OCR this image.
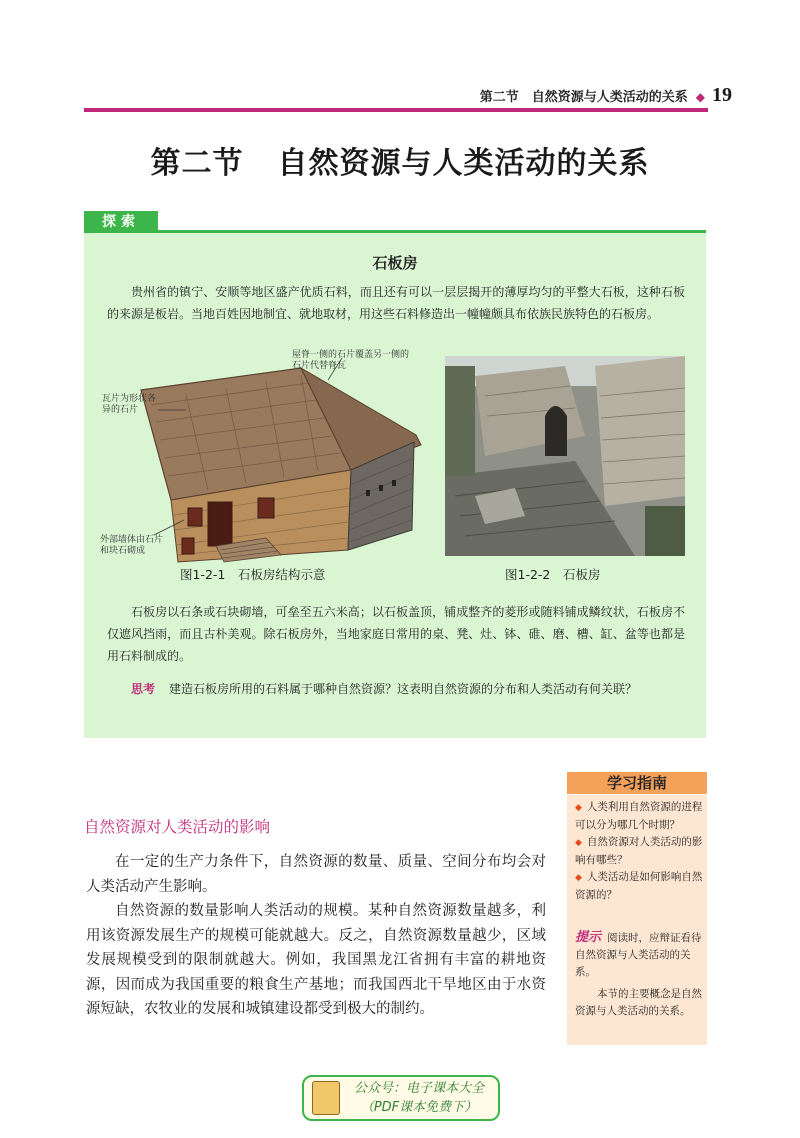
第二节　自然资源与人类活动的关系 ◆ 19
第二节 自然资源与人类活动的关系
探索
石板房
贵州省的镇宁、安顺等地区盛产优质石料，而且还有可以一层层揭开的薄厚均匀的平整大石板，这种石板的来源是板岩。当地百姓因地制宜、就地取材，用这些石料修造出一幢幢颇具布依族民族特色的石板房。
屋脊一侧的石片覆盖另一侧的石片代替脊瓦
瓦片为形状各异的石片
外部墙体由石片和块石砌成
图1-2-1　石板房结构示意	图1-2-2　石板房
石板房以石条或石块砌墙，可垒至五六米高；以石板盖顶，铺成整齐的菱形或随料铺成鳞纹状，石板房不仅遮风挡雨，而且古朴美观。除石板房外，当地家庭日常用的桌、凳、灶、钵、碓、磨、槽、缸、盆等也都是用石料制成的。
思考 建造石板房所用的石料属于哪种自然资源？这表明自然资源的分布和人类活动有何关联？
学习指南
◆ 人类利用自然资源的进程可以分为哪几个时期？
◆ 自然资源对人类活动的影响有哪些？
◆ 人类活动是如何影响自然资源的？
提示 阅读时，应辩证看待自然资源与人类活动的关系。
本节的主要概念是自然资源与人类活动的关系。
自然资源对人类活动的影响
在一定的生产力条件下，自然资源的数量、质量、空间分布均会对人类活动产生影响。
自然资源的数量影响人类活动的规模。某种自然资源数量越多，利用该资源发展生产的规模可能就越大。反之，自然资源数量越少，区域发展规模受到的限制就越大。例如，我国黑龙江省拥有丰富的耕地资源，因而成为我国重要的粮食生产基地；而我国西北干旱地区由于水资源短缺，农牧业的发展和城镇建设都受到极大的制约。
公众号：电子课本大全
（PDF课本免费下）
